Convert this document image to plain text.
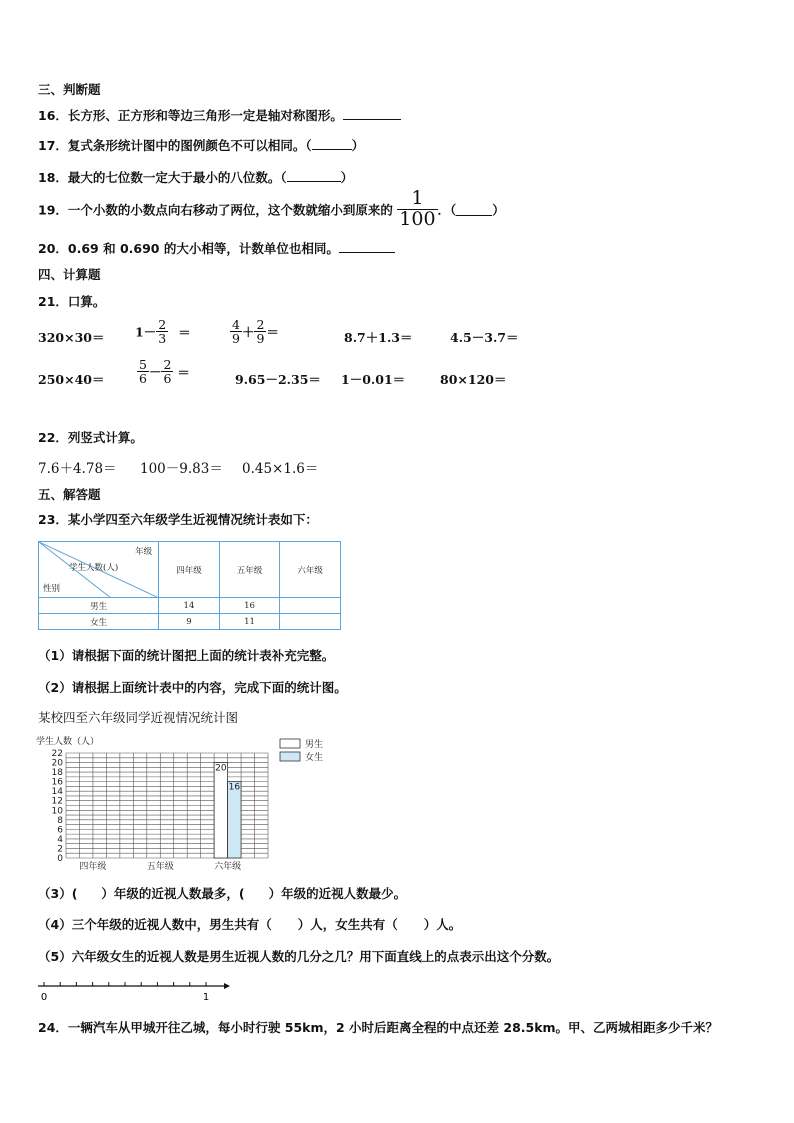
三、判断题
16．长方形、正方形和等边三角形一定是轴对称图形。
17．复式条形统计图中的图例颜色不可以相同。（	）
18．最大的七位数一定大于最小的八位数。（	）
19．一个小数的小数点向右移动了两位，这个数就缩小到原来的 $\frac{1}{100}$ ．（	）
20．0.69 和 0.690 的大小相等，计数单位也相同。
四、计算题
21．口算。
$320\times 30= 1- \frac{2}{3}$ ＝	$\frac{4}{9} + \frac{2}{9}$ ＝	8.7＋1.3＝	4.5－3.7＝
250×40＝	$\frac{5}{6} - \frac{2}{6}$ ＝	9.65－2.35＝ 1－0.01＝	80×120＝
22．列竖式计算。
7.6＋4.78＝ 100－9.83＝ 0.45×1.6＝
五、解答题
23．某小学四至六年级学生近视情况统计表如下：
年级
学生人数(人)
性别	四年级	五年级	六年级
男生	14	16	
女生	9	11	
（1）请根据下面的统计图把上面的统计表补充完整。
（2）请根据上面统计表中的内容，完成下面的统计图。
某校四至六年级同学近视情况统计图
学生人数（人）
0
2
4
6
8
10
12
14
16
18
20
22
20
16
四年级	五年级	六年级
男生
女生
（3）( ）年级的近视人数最多，( ）年级的近视人数最少。
（4）三个年级的近视人数中，男生共有（ ）人，女生共有（ ）人。
（5）六年级女生的近视人数是男生近视人数的几分之几？用下面直线上的点表示出这个分数。
0	1
24．一辆汽车从甲城开往乙城，每小时行驶 55km，2 小时后距离全程的中点还差 28.5km。甲、乙两城相距多少千米？
